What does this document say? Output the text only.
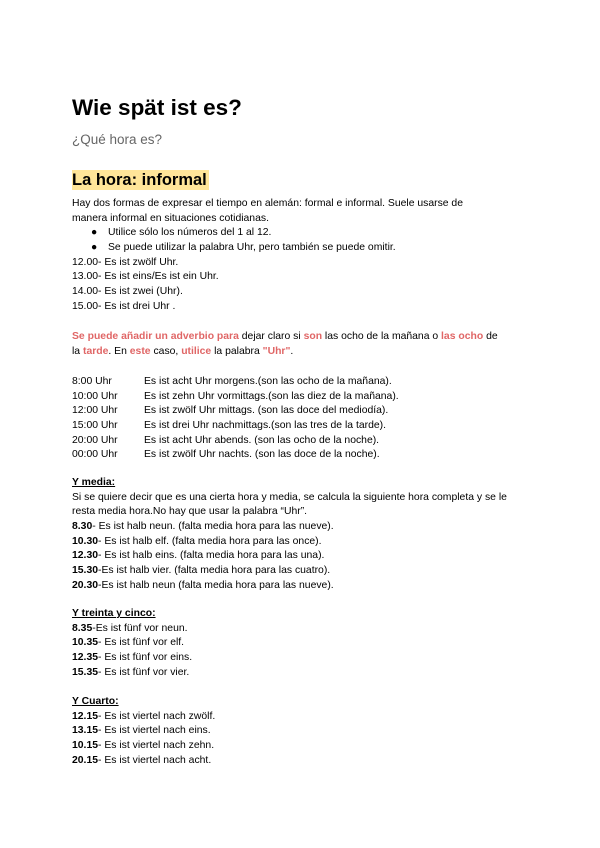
Wie spät ist es?
¿Qué hora es?
La hora: informal
Hay dos formas de expresar el tiempo en alemán: formal e informal. Suele usarse de
manera informal en situaciones cotidianas.
● Utilice sólo los números del 1 al 12.
● Se puede utilizar la palabra Uhr, pero también se puede omitir.
12.00- Es ist zwölf Uhr.
13.00- Es ist eins/Es ist ein Uhr.
14.00- Es ist zwei (Uhr).
15.00- Es ist drei Uhr .
Se puede añadir un adverbio para dejar claro si son las ocho de la mañana o las ocho de
la tarde. En este caso, utilice la palabra "Uhr".
8:00 Uhr	Es ist acht Uhr morgens.(son las ocho de la mañana).
10:00 Uhr	Es ist zehn Uhr vormittags.(son las diez de la mañana).
12:00 Uhr	Es ist zwölf Uhr mittags. (son las doce del mediodía).
15:00 Uhr	Es ist drei Uhr nachmittags.(son las tres de la tarde).
20:00 Uhr	Es ist acht Uhr abends. (son las ocho de la noche).
00:00 Uhr	Es ist zwölf Uhr nachts. (son las doce de la noche).
Y media:
Si se quiere decir que es una cierta hora y media, se calcula la siguiente hora completa y se le resta media hora.No hay que usar la palabra “Uhr”.
8.30- Es ist halb neun. (falta media hora para las nueve).
10.30- Es ist halb elf. (falta media hora para las once).
12.30- Es ist halb eins. (falta media hora para las una).
15.30-Es ist halb vier. (falta media hora para las cuatro).
20.30-Es ist halb neun (falta media hora para las nueve).
Y treinta y cinco:
8.35-Es ist fünf vor neun.
10.35- Es ist fünf vor elf.
12.35- Es ist fünf vor eins.
15.35- Es ist fünf vor vier.
Y Cuarto:
12.15- Es ist viertel nach zwölf.
13.15- Es ist viertel nach eins.
10.15- Es ist viertel nach zehn.
20.15- Es ist viertel nach acht.
